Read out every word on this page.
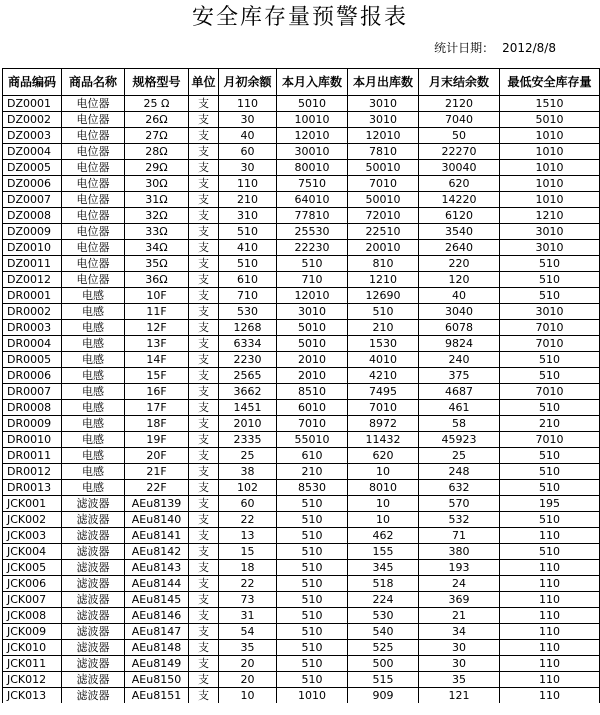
安全库存量预警报表
统计日期： 2012/8/8
商品编码	商品名称	规格型号	单位	月初余额	本月入库数	本月出库数	月末结余数	最低安全库存量
DZ0001	电位器	25 Ω	支	110	5010	3010	2120	1510
DZ0002	电位器	26Ω	支	30	10010	3010	7040	5010
DZ0003	电位器	27Ω	支	40	12010	12010	50	1010
DZ0004	电位器	28Ω	支	60	30010	7810	22270	1010
DZ0005	电位器	29Ω	支	30	80010	50010	30040	1010
DZ0006	电位器	30Ω	支	110	7510	7010	620	1010
DZ0007	电位器	31Ω	支	210	64010	50010	14220	1010
DZ0008	电位器	32Ω	支	310	77810	72010	6120	1210
DZ0009	电位器	33Ω	支	510	25530	22510	3540	3010
DZ0010	电位器	34Ω	支	410	22230	20010	2640	3010
DZ0011	电位器	35Ω	支	510	510	810	220	510
DZ0012	电位器	36Ω	支	610	710	1210	120	510
DR0001	电感	10F	支	710	12010	12690	40	510
DR0002	电感	11F	支	530	3010	510	3040	3010
DR0003	电感	12F	支	1268	5010	210	6078	7010
DR0004	电感	13F	支	6334	5010	1530	9824	7010
DR0005	电感	14F	支	2230	2010	4010	240	510
DR0006	电感	15F	支	2565	2010	4210	375	510
DR0007	电感	16F	支	3662	8510	7495	4687	7010
DR0008	电感	17F	支	1451	6010	7010	461	510
DR0009	电感	18F	支	2010	7010	8972	58	210
DR0010	电感	19F	支	2335	55010	11432	45923	7010
DR0011	电感	20F	支	25	610	620	25	510
DR0012	电感	21F	支	38	210	10	248	510
DR0013	电感	22F	支	102	8530	8010	632	510
JCK001	滤波器	AEu8139	支	60	510	10	570	195
JCK002	滤波器	AEu8140	支	22	510	10	532	510
JCK003	滤波器	AEu8141	支	13	510	462	71	110
JCK004	滤波器	AEu8142	支	15	510	155	380	510
JCK005	滤波器	AEu8143	支	18	510	345	193	110
JCK006	滤波器	AEu8144	支	22	510	518	24	110
JCK007	滤波器	AEu8145	支	73	510	224	369	110
JCK008	滤波器	AEu8146	支	31	510	530	21	110
JCK009	滤波器	AEu8147	支	54	510	540	34	110
JCK010	滤波器	AEu8148	支	35	510	525	30	110
JCK011	滤波器	AEu8149	支	20	510	500	30	110
JCK012	滤波器	AEu8150	支	20	510	515	35	110
JCK013	滤波器	AEu8151	支	10	1010	909	121	110
